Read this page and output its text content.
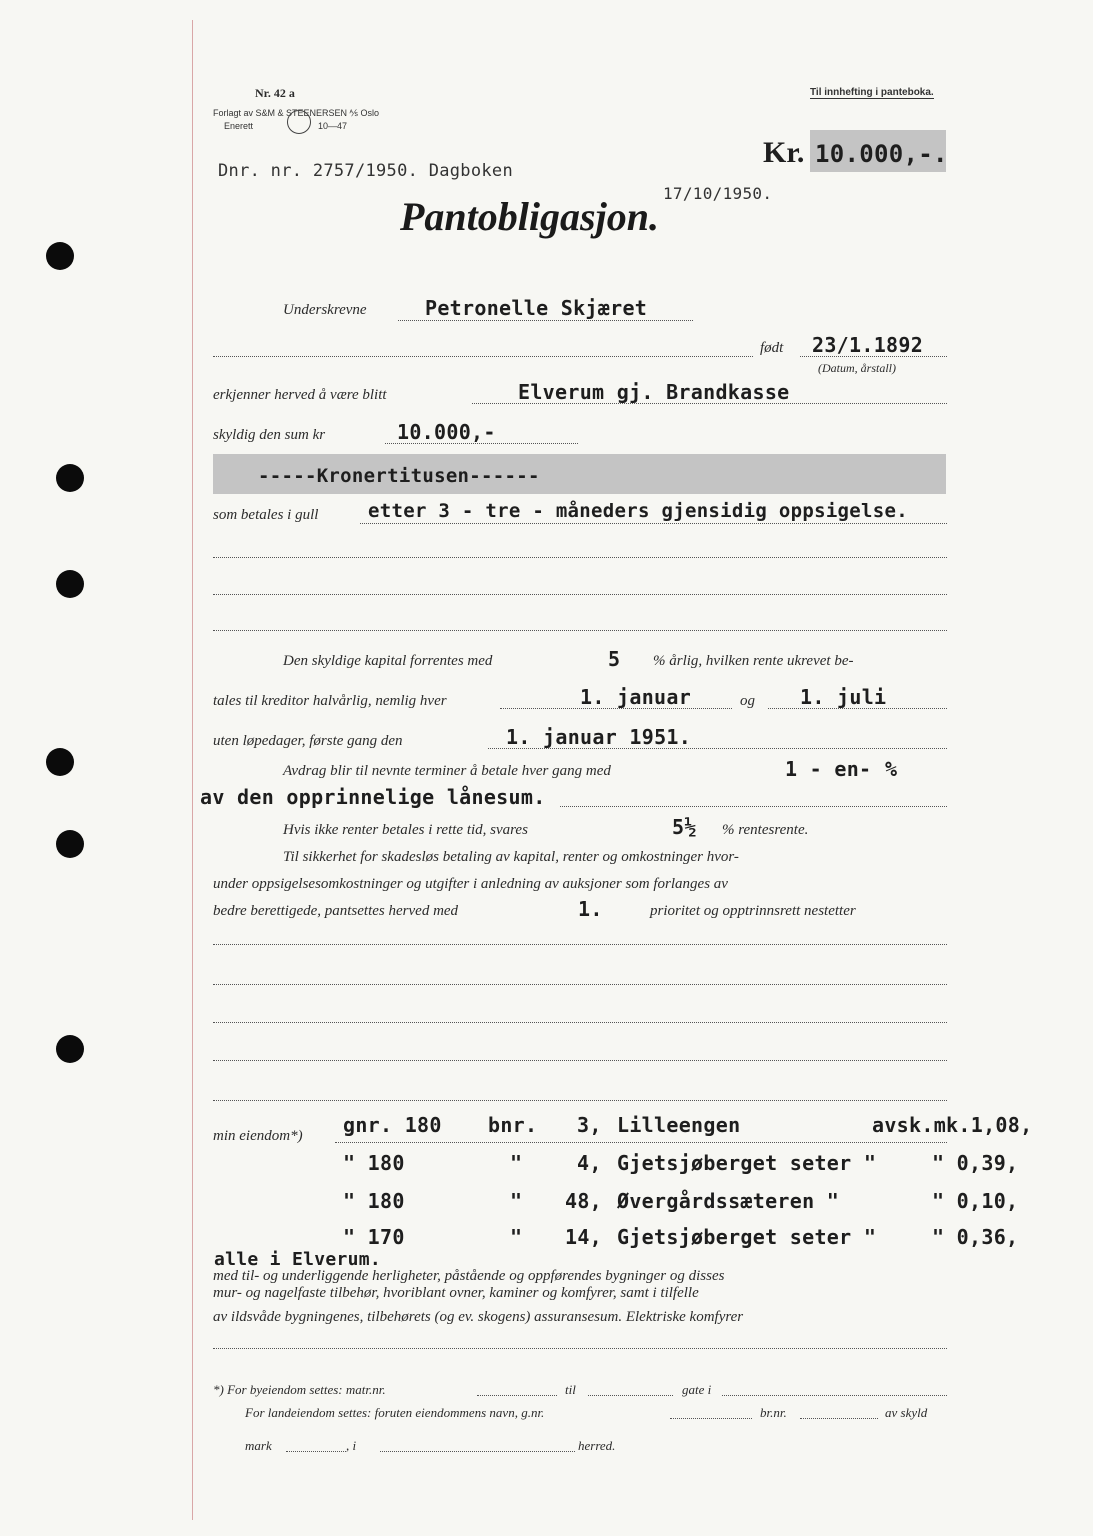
Nr. 42 a
Forlagt av S&M & STEENERSEN ⅍ Oslo
Enerett	10—47
Til innhefting i panteboka.
Dnr. nr. 2757/1950. Dagboken
17/10/1950.
Kr. 10.000,-.
Pantobligasjon.
Underskrevne	Petronelle Skjæret
født 23/1.1892
(Datum, årstall)
erkjenner herved å være blitt	Elverum gj. Brandkasse
skyldig den sum kr	10.000,-
-----Kronertitusen------
som betales i gull	etter 3 - tre - måneders gjensidig oppsigelse.
Den skyldige kapital forrentes med	5 % årlig, hvilken rente ukrevet be-
tales til kreditor halvårlig, nemlig hver	1. januar	og 1. juli
uten løpedager, første gang den	1. januar 1951.
Avdrag blir til nevnte terminer å betale hver gang med	1 - en- %
av den opprinnelige lånesum.
Hvis ikke renter betales i rette tid, svares	5½ % rentesrente.
Til sikkerhet for skadesløs betaling av kapital, renter og omkostninger hvor-
under oppsigelsesomkostninger og utgifter i anledning av auksjoner som forlanges av
bedre berettigede, pantsettes herved med	1.	prioritet og opptrinnsrett nestetter
min eiendom*) gnr. 180 bnr. 3, Lilleengen	avsk.mk.1,08,
" 180	"	4, Gjetsjøberget seter "	" 0,39,
" 180	" 48, Øvergårdssæteren "	" 0,10,
" 170	" 14, Gjetsjøberget seter "	" 0,36,
alle i Elverum.
med til- og underliggende herligheter, påstående og oppførendes bygninger og disses
mur- og nagelfaste tilbehør, hvoriblant ovner, kaminer og komfyrer, samt i tilfelle
av ildsvåde bygningenes, tilbehørets (og ev. skogens) assuransesum. Elektriske komfyrer
*) For byeiendom settes: matr.nr.	til	gate i
For landeiendom settes: foruten eiendommens navn, g.nr.	br.nr.	av skyld
mark	, i	herred.
